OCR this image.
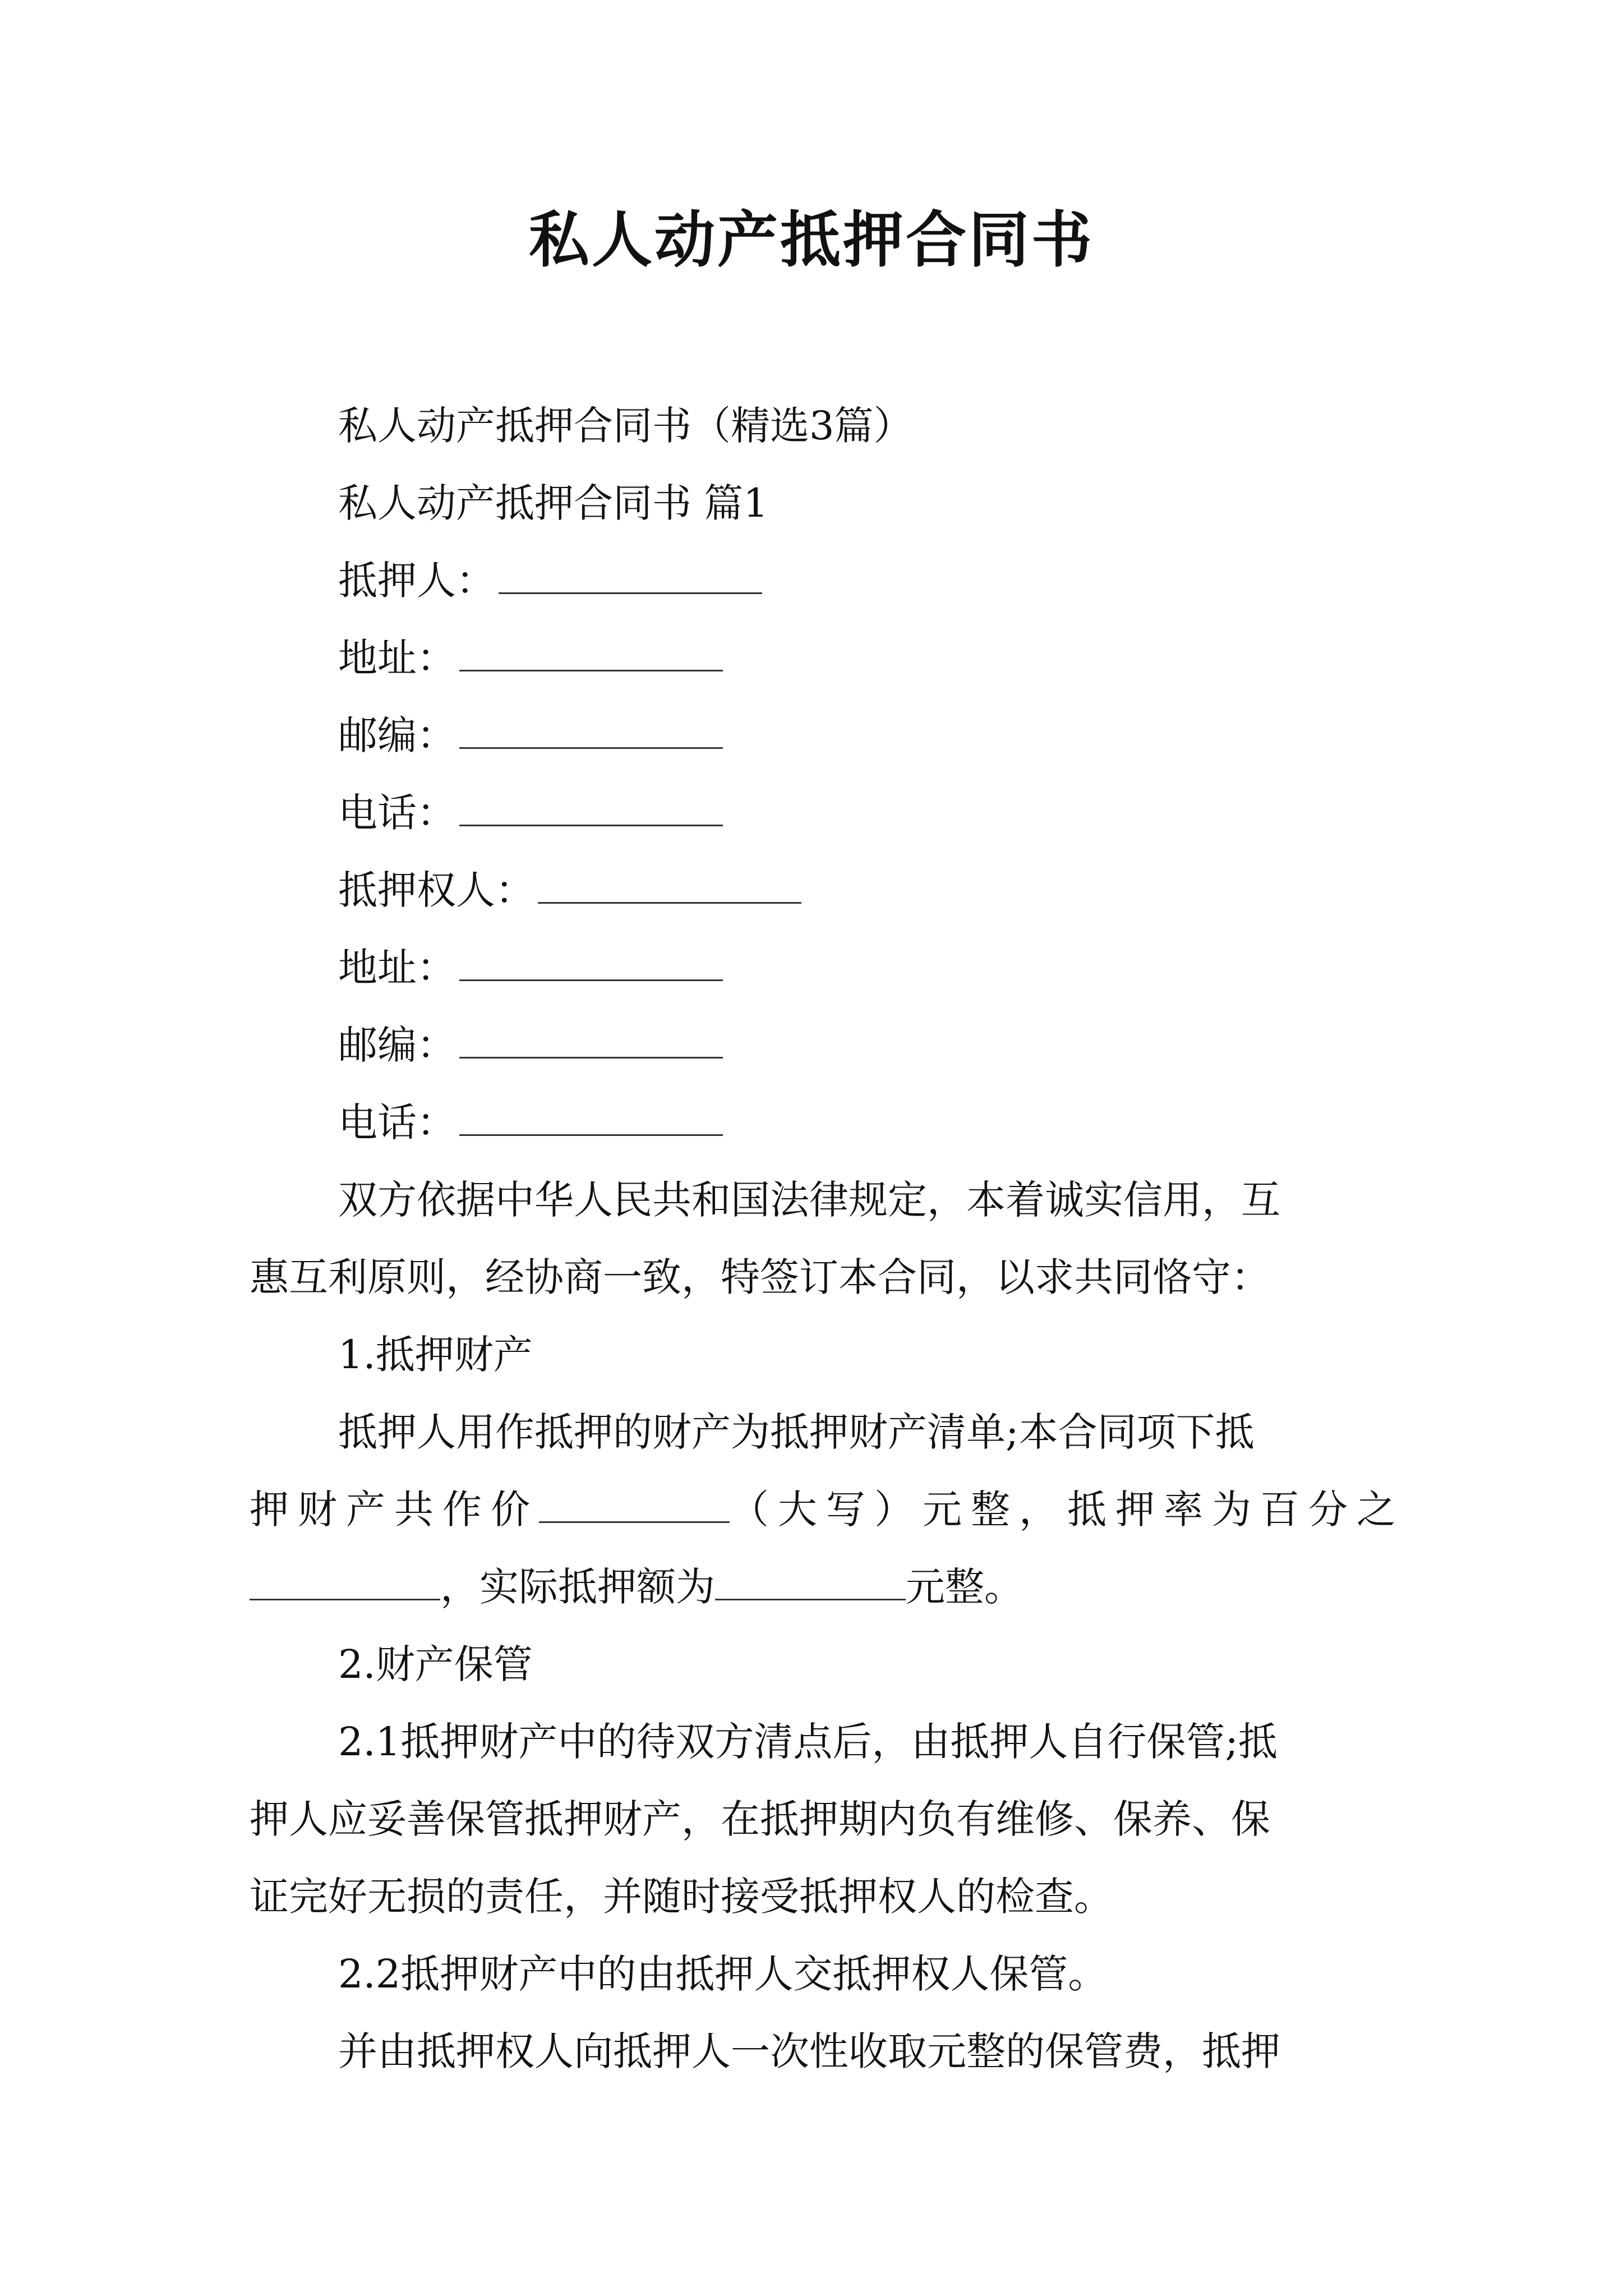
私人动产抵押合同书
私人动产抵押合同书（精选3篇）
私人动产抵押合同书 篇1
抵押人：
地址：
邮编：
电话：
抵押权人：
地址：
邮编：
电话：
双方依据中华人民共和国法律规定，本着诚实信用，互
惠互利原则，经协商一致，特签订本合同，以求共同恪守：
1.抵押财产
抵押人用作抵押的财产为抵押财产清单;本合同项下抵
押财产共作价	（大写）元整，抵押率为百分之
，实际抵押额为	元整。
2.财产保管
2.1抵押财产中的待双方清点后，由抵押人自行保管;抵
押人应妥善保管抵押财产，在抵押期内负有维修、保养、保
证完好无损的责任，并随时接受抵押权人的检查。
2.2抵押财产中的由抵押人交抵押权人保管。
并由抵押权人向抵押人一次性收取元整的保管费，抵押
